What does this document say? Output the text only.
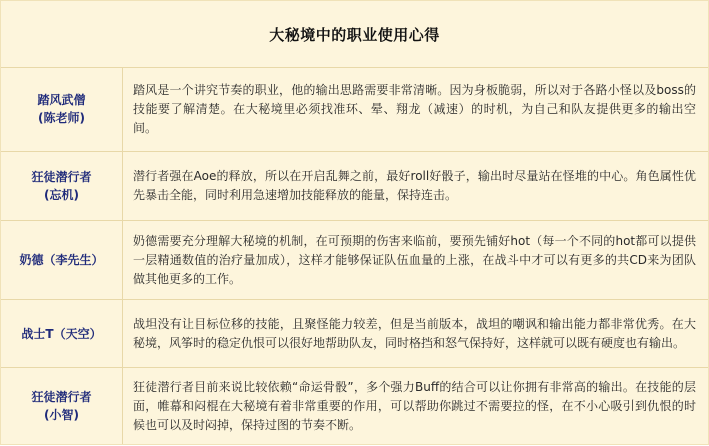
大秘境中的职业使用心得
踏风武僧
(陈老师)
踏风是一个讲究节奏的职业，他的输出思路需要非常清晰。因为身板脆弱，所以对于各路小怪以及boss的技能要了解清楚。在大秘境里必须找准环、晕、翔龙（减速）的时机，为自己和队友提供更多的输出空间。
狂徒潜行者
(忘机)
潜行者强在Aoe的释放，所以在开启乱舞之前，最好roll好骰子，输出时尽量站在怪堆的中心。角色属性优先暴击全能，同时利用急速增加技能释放的能量，保持连击。
奶德（李先生）
奶德需要充分理解大秘境的机制，在可预期的伤害来临前，要预先铺好hot（每一个不同的hot都可以提供一层精通数值的治疗量加成），这样才能够保证队伍血量的上涨，在战斗中才可以有更多的共CD来为团队做其他更多的工作。
战士T（天空）
战坦没有让目标位移的技能，且聚怪能力较差，但是当前版本，战坦的嘲讽和输出能力都非常优秀。在大秘境，风筝时的稳定仇恨可以很好地帮助队友，同时格挡和怒气保持好，这样就可以既有硬度也有输出。
狂徒潜行者
(小智)
狂徒潜行者目前来说比较依赖“命运骨骰”，多个强力Buff的结合可以让你拥有非常高的输出。在技能的层面，帷幕和闷棍在大秘境有着非常重要的作用，可以帮助你跳过不需要拉的怪，在不小心吸引到仇恨的时候也可以及时闷掉，保持过图的节奏不断。
